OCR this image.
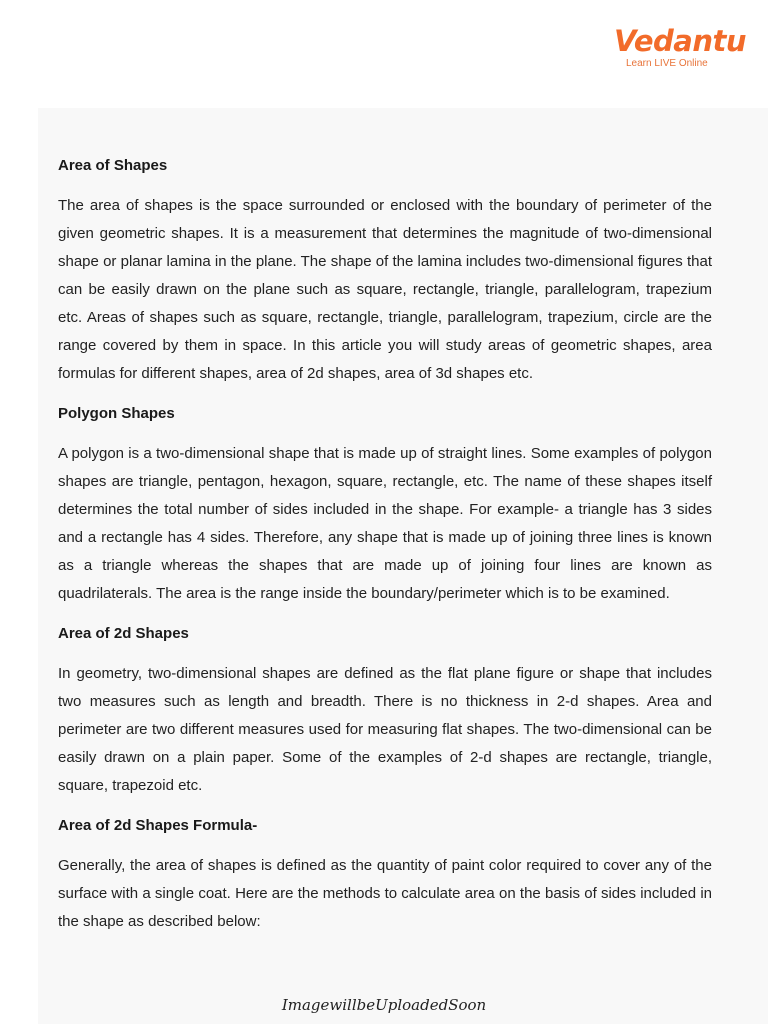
Vedantu
Learn LIVE Online
Area of Shapes

The area of shapes is the space surrounded or enclosed with the boundary of perimeter of the given geometric shapes. It is a measurement that determines the magnitude of two-dimensional shape or planar lamina in the plane. The shape of the lamina includes two-dimensional figures that can be easily drawn on the plane such as square, rectangle, triangle, parallelogram, trapezium etc. Areas of shapes such as square, rectangle, triangle, parallelogram, trapezium, circle are the range covered by them in space. In this article you will study areas of geometric shapes, area formulas for different shapes, area of 2d shapes, area of 3d shapes etc.

Polygon Shapes

A polygon is a two-dimensional shape that is made up of straight lines. Some examples of polygon shapes are triangle, pentagon, hexagon, square, rectangle, etc. The name of these shapes itself determines the total number of sides included in the shape. For example- a triangle has 3 sides and a rectangle has 4 sides. Therefore, any shape that is made up of joining three lines is known as a triangle whereas the shapes that are made up of joining four lines are known as quadrilaterals. The area is the range inside the boundary/perimeter which is to be examined.

Area of 2d Shapes

In geometry, two-dimensional shapes are defined as the flat plane figure or shape that includes two measures such as length and breadth. There is no thickness in 2-d shapes. Area and perimeter are two different measures used for measuring flat shapes. The two-dimensional can be easily drawn on a plain paper. Some of the examples of 2-d shapes are rectangle, triangle, square, trapezoid etc.

Area of 2d Shapes Formula-

Generally, the area of shapes is defined as the quantity of paint color required to cover any of the surface with a single coat. Here are the methods to calculate area on the basis of sides included in the shape as described below:

ImagewillbeUploadedSoon
